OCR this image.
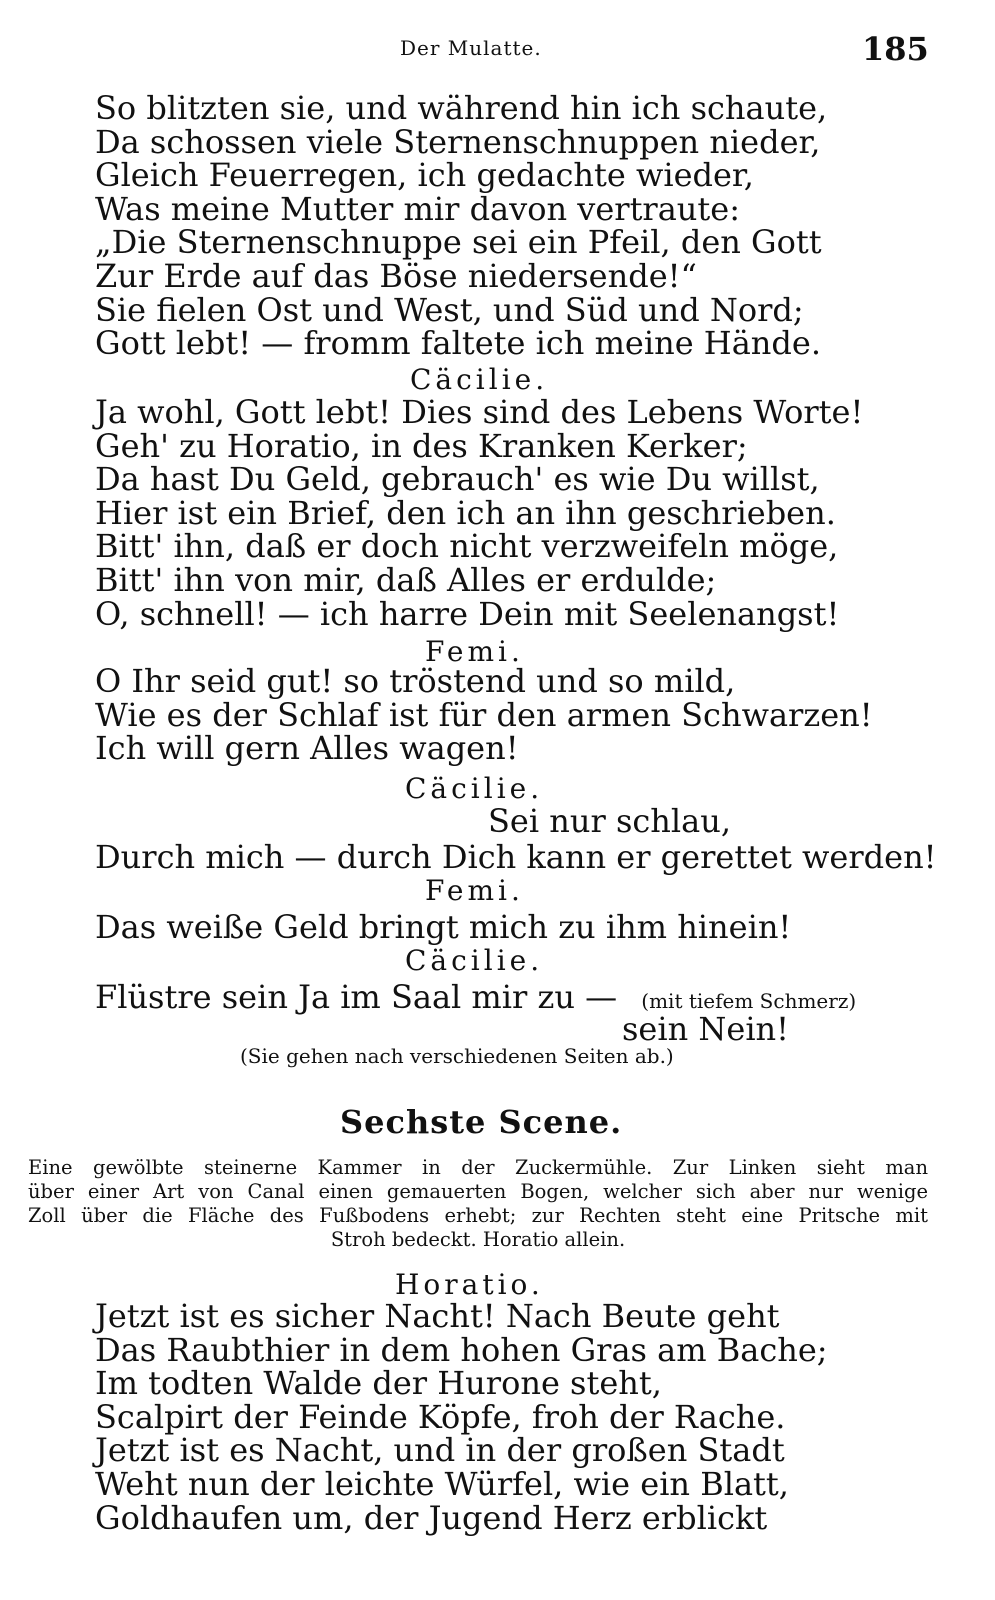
Der Mulatte.	185
So blitzten sie, und während hin ich schaute,
Da schossen viele Sternenschnuppen nieder,
Gleich Feuerregen, ich gedachte wieder,
Was meine Mutter mir davon vertraute:
„Die Sternenschnuppe sei ein Pfeil, den Gott
Zur Erde auf das Böse niedersende!“
Sie fielen Ost und West, und Süd und Nord;
Gott lebt! — fromm faltete ich meine Hände.
Cäcilie.
Ja wohl, Gott lebt! Dies sind des Lebens Worte!
Geh' zu Horatio, in des Kranken Kerker;
Da hast Du Geld, gebrauch' es wie Du willst,
Hier ist ein Brief, den ich an ihn geschrieben.
Bitt' ihn, daß er doch nicht verzweifeln möge,
Bitt' ihn von mir, daß Alles er erdulde;
O, schnell! — ich harre Dein mit Seelenangst!
Femi.
O Ihr seid gut! so tröstend und so mild,
Wie es der Schlaf ist für den armen Schwarzen!
Ich will gern Alles wagen!
Cäcilie.
Sei nur schlau,
Durch mich — durch Dich kann er gerettet werden!
Femi.
Das weiße Geld bringt mich zu ihm hinein!
Cäcilie.
Flüstre sein Ja im Saal mir zu — (mit tiefem Schmerz)
sein Nein!
(Sie gehen nach verschiedenen Seiten ab.)
Sechste Scene.
Eine gewölbte steinerne Kammer in der Zuckermühle. Zur Linken sieht man
über einer Art von Canal einen gemauerten Bogen, welcher sich aber nur wenige
Zoll über die Fläche des Fußbodens erhebt; zur Rechten steht eine Pritsche mit
Stroh bedeckt. Horatio allein.
Horatio.
Jetzt ist es sicher Nacht! Nach Beute geht
Das Raubthier in dem hohen Gras am Bache;
Im todten Walde der Hurone steht,
Scalpirt der Feinde Köpfe, froh der Rache.
Jetzt ist es Nacht, und in der großen Stadt
Weht nun der leichte Würfel, wie ein Blatt,
Goldhaufen um, der Jugend Herz erblickt
